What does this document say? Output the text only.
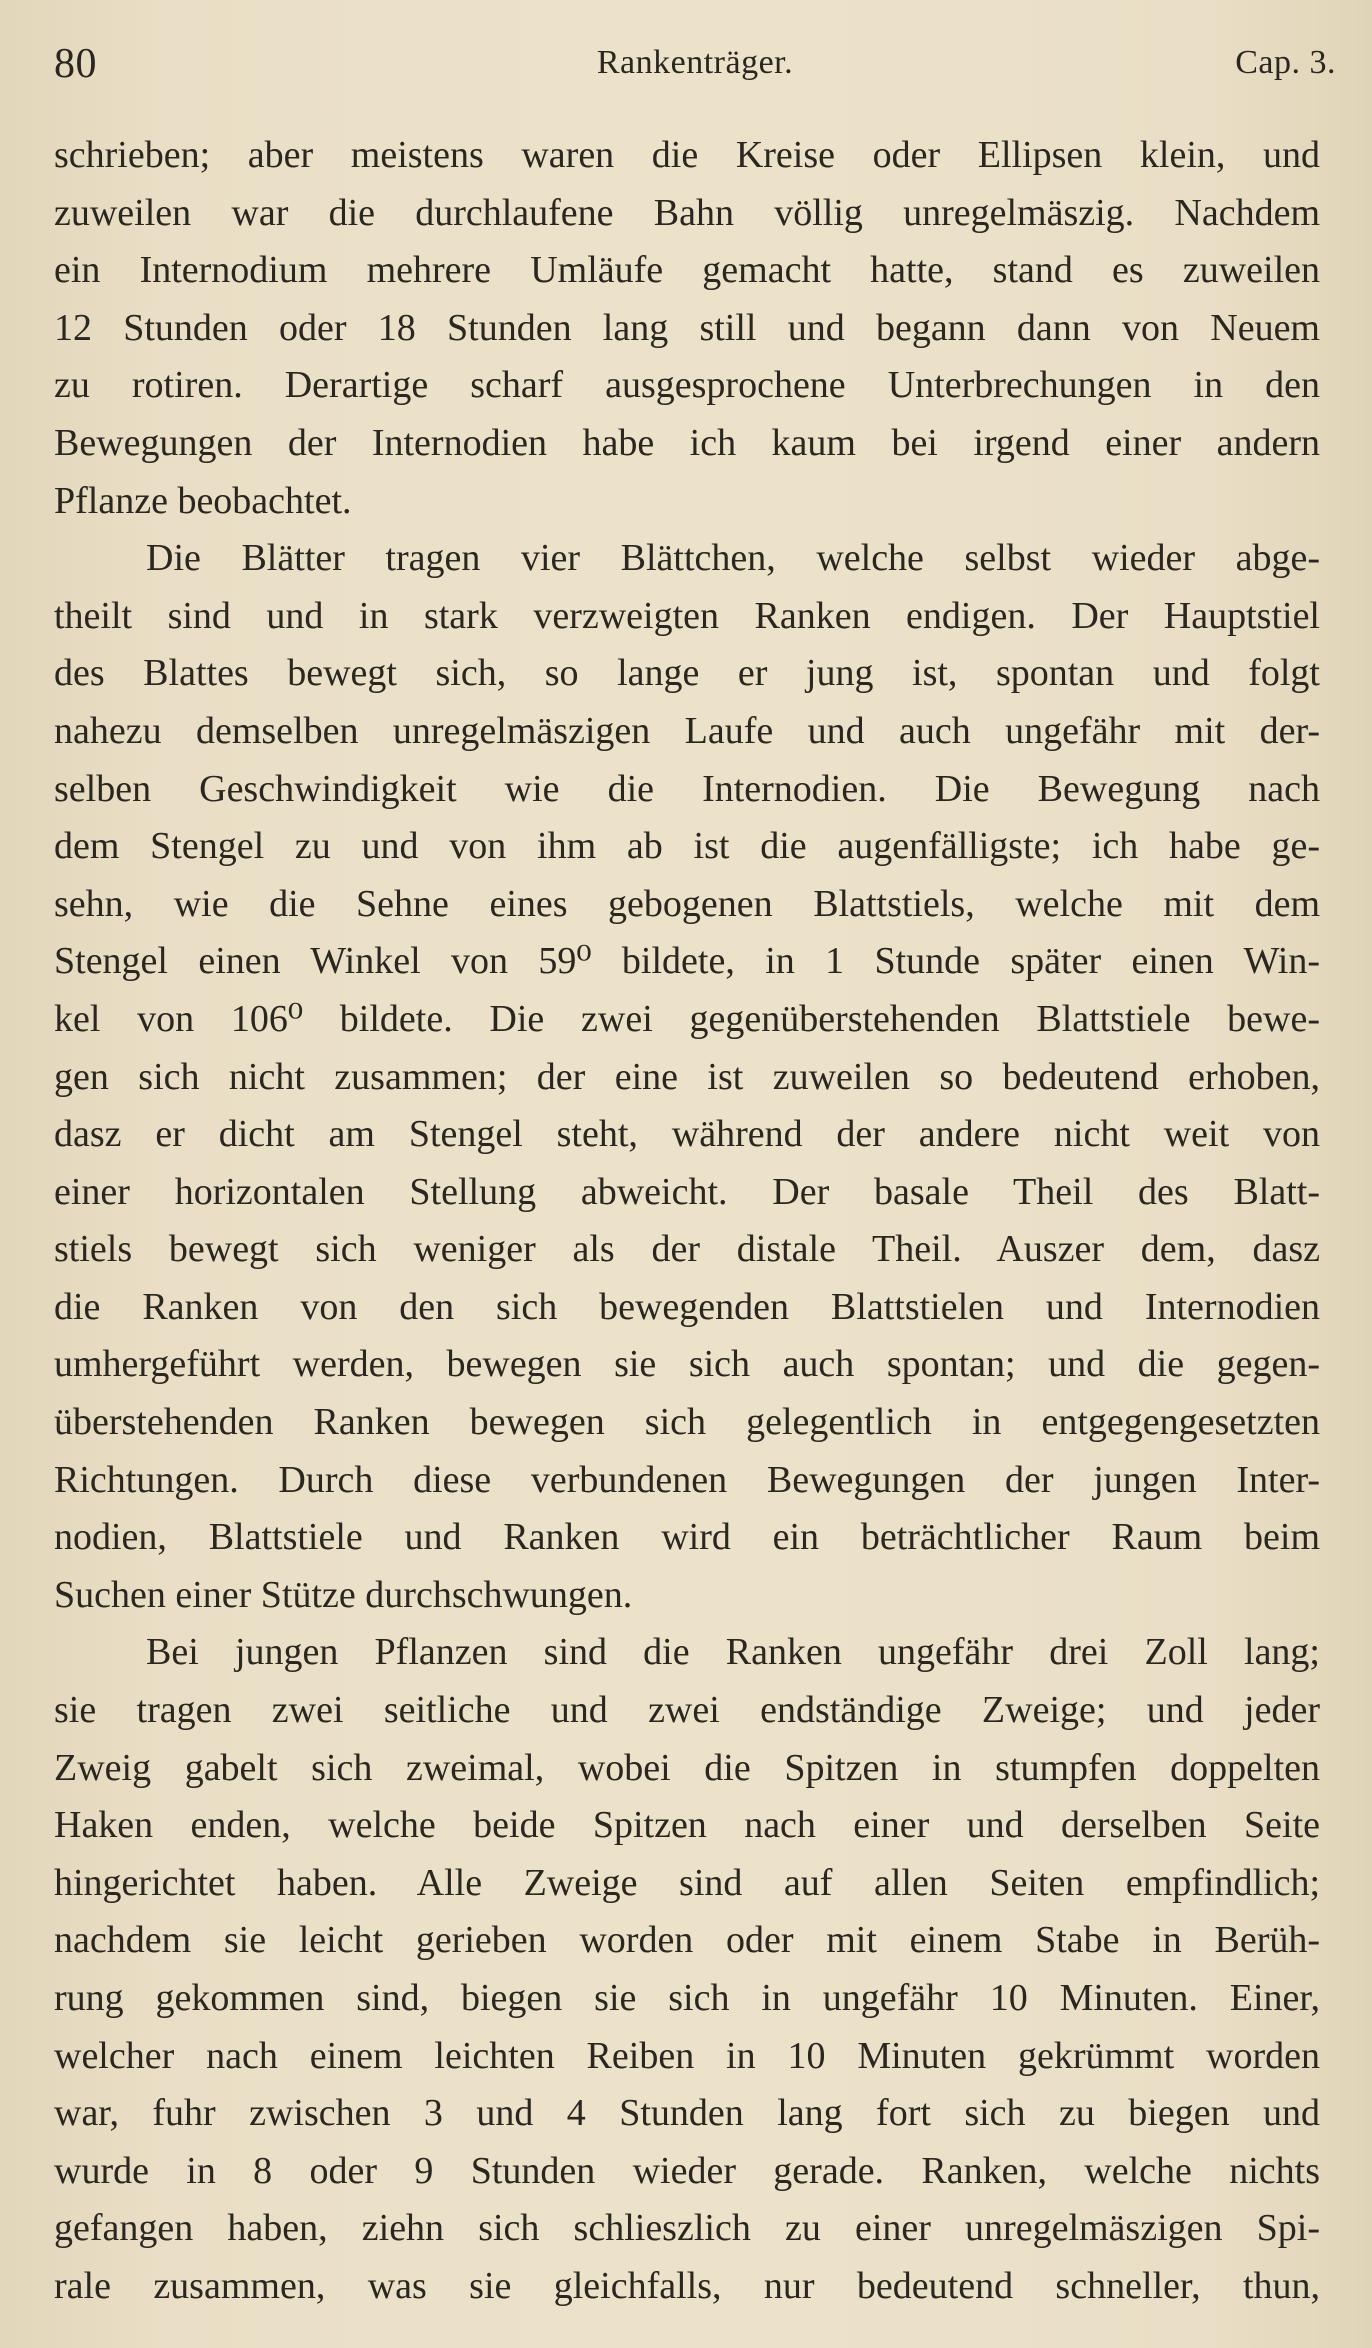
80	Rankenträger.	Cap. 3.
schrieben; aber meistens waren die Kreise oder Ellipsen klein, und
zuweilen war die durchlaufene Bahn völlig unregelmäszig. Nachdem
ein Internodium mehrere Umläufe gemacht hatte, stand es zuweilen
12 Stunden oder 18 Stunden lang still und begann dann von Neuem
zu rotiren. Derartige scharf ausgesprochene Unterbrechungen in den
Bewegungen der Internodien habe ich kaum bei irgend einer andern
Pflanze beobachtet.
Die Blätter tragen vier Blättchen, welche selbst wieder abge-
theilt sind und in stark verzweigten Ranken endigen. Der Hauptstiel
des Blattes bewegt sich, so lange er jung ist, spontan und folgt
nahezu demselben unregelmäszigen Laufe und auch ungefähr mit der-
selben Geschwindigkeit wie die Internodien. Die Bewegung nach
dem Stengel zu und von ihm ab ist die augenfälligste; ich habe ge-
sehn, wie die Sehne eines gebogenen Blattstiels, welche mit dem
Stengel einen Winkel von 59⁰ bildete, in 1 Stunde später einen Win-
kel von 106⁰ bildete. Die zwei gegenüberstehenden Blattstiele bewe-
gen sich nicht zusammen; der eine ist zuweilen so bedeutend erhoben,
dasz er dicht am Stengel steht, während der andere nicht weit von
einer horizontalen Stellung abweicht. Der basale Theil des Blatt-
stiels bewegt sich weniger als der distale Theil. Auszer dem, dasz
die Ranken von den sich bewegenden Blattstielen und Internodien
umhergeführt werden, bewegen sie sich auch spontan; und die gegen-
überstehenden Ranken bewegen sich gelegentlich in entgegengesetzten
Richtungen. Durch diese verbundenen Bewegungen der jungen Inter-
nodien, Blattstiele und Ranken wird ein beträchtlicher Raum beim
Suchen einer Stütze durchschwungen.
Bei jungen Pflanzen sind die Ranken ungefähr drei Zoll lang;
sie tragen zwei seitliche und zwei endständige Zweige; und jeder
Zweig gabelt sich zweimal, wobei die Spitzen in stumpfen doppelten
Haken enden, welche beide Spitzen nach einer und derselben Seite
hingerichtet haben. Alle Zweige sind auf allen Seiten empfindlich;
nachdem sie leicht gerieben worden oder mit einem Stabe in Berüh-
rung gekommen sind, biegen sie sich in ungefähr 10 Minuten. Einer,
welcher nach einem leichten Reiben in 10 Minuten gekrümmt worden
war, fuhr zwischen 3 und 4 Stunden lang fort sich zu biegen und
wurde in 8 oder 9 Stunden wieder gerade. Ranken, welche nichts
gefangen haben, ziehn sich schlieszlich zu einer unregelmäszigen Spi-
rale zusammen, was sie gleichfalls, nur bedeutend schneller, thun,
